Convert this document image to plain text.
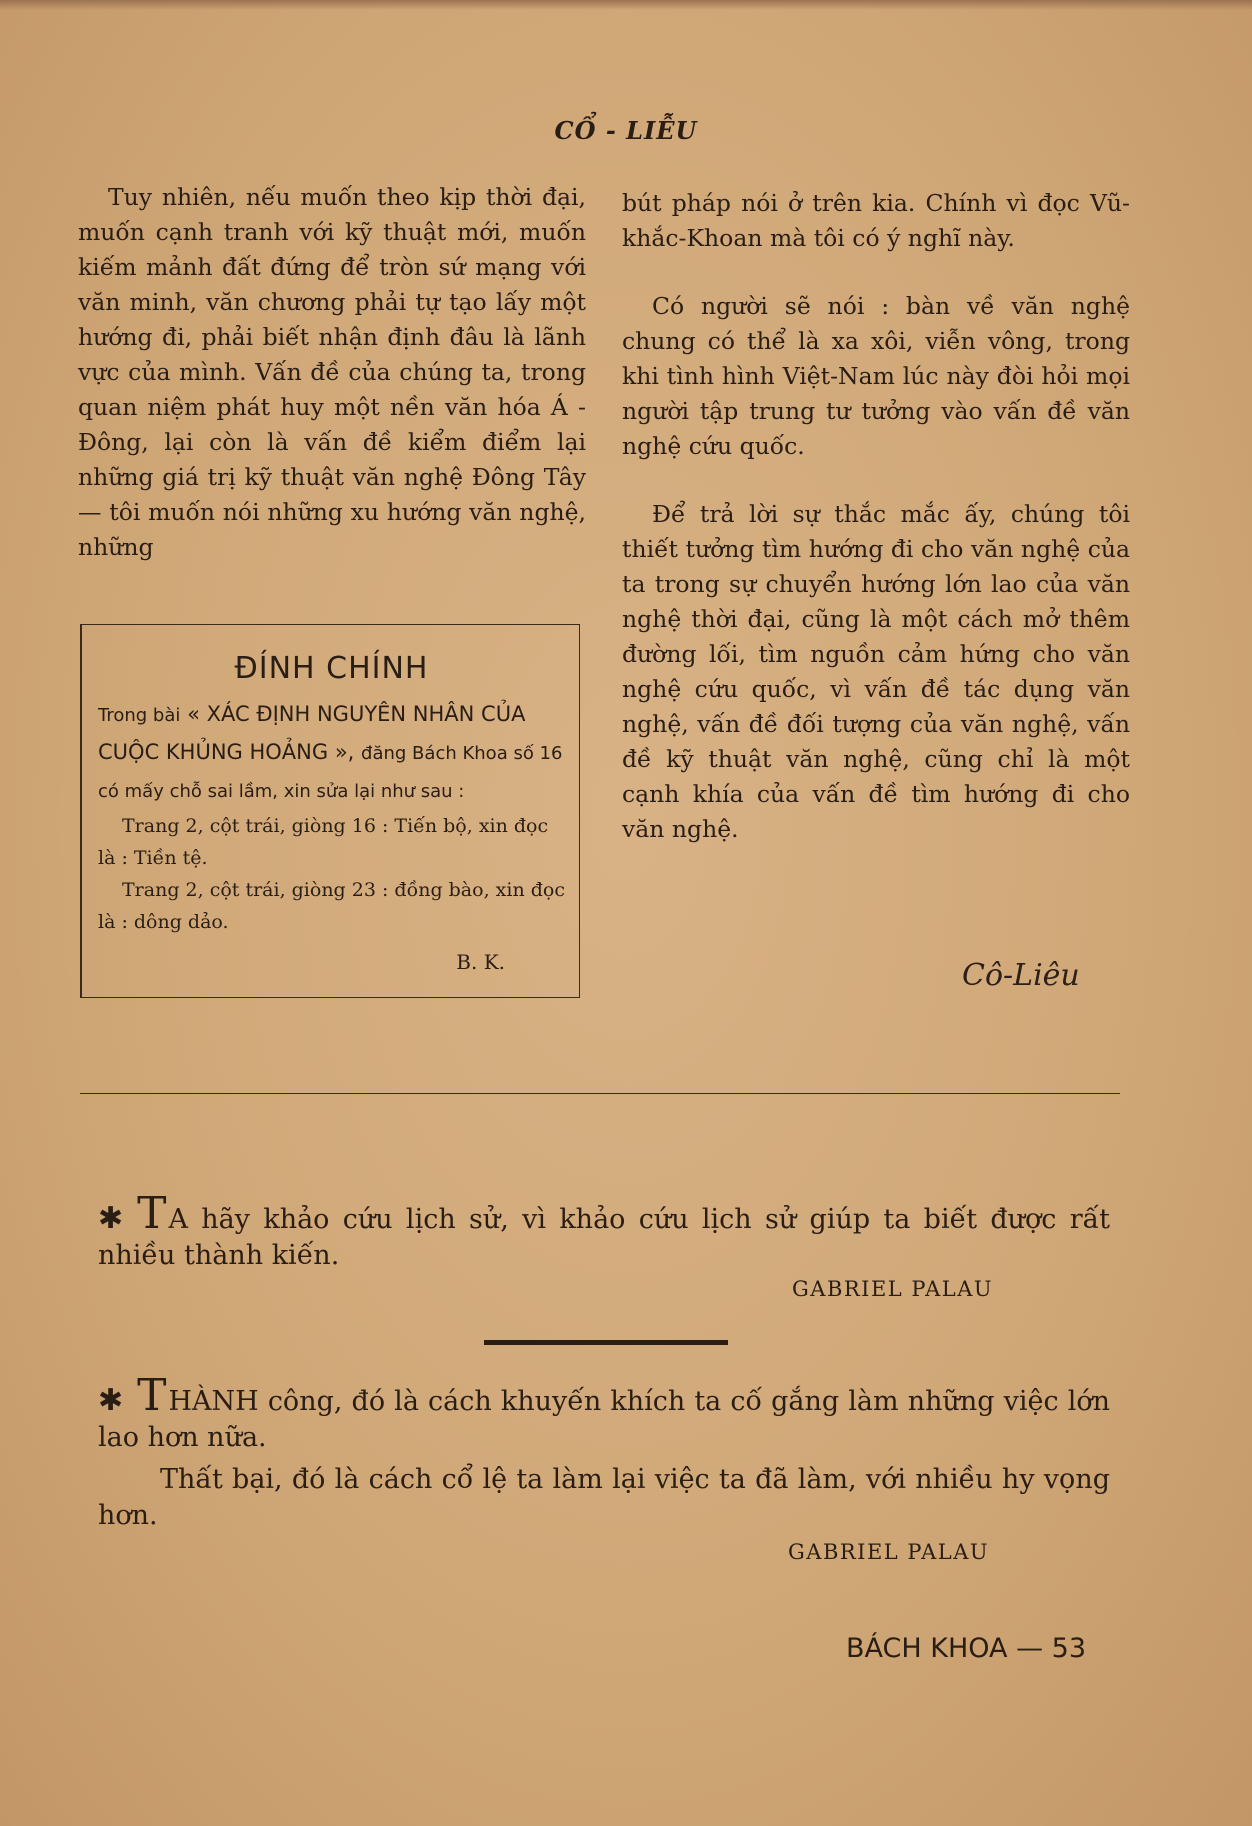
CỔ - LIỄU

Tuy nhiên, nếu muốn theo kịp thời đại, muốn cạnh tranh với kỹ thuật mới, muốn kiếm mảnh đất đứng để tròn sứ mạng với văn minh, văn chương phải tự tạo lấy một hướng đi, phải biết nhận định đâu là lãnh vực của mình. Vấn đề của chúng ta, trong quan niệm phát huy một nền văn hóa Á - Đông, lại còn là vấn đề kiểm điểm lại những giá trị kỹ thuật văn nghệ Đông Tây — tôi muốn nói những xu hướng văn nghệ, những

ĐÍNH CHÍNH

Trong bài « XÁC ĐỊNH NGUYÊN NHÂN CỦA CUỘC KHỦNG HOẢNG », đăng Bách Khoa số 16 có mấy chỗ sai lầm, xin sửa lại như sau :

Trang 2, cột trái, giòng 16 : Tiến bộ, xin đọc là : Tiền tệ.

Trang 2, cột trái, giòng 23 : đồng bào, xin đọc là : dông dảo.

B. K.

bút pháp nói ở trên kia. Chính vì đọc Vũ-khắc-Khoan mà tôi có ý nghĩ này.

Có người sẽ nói : bàn về văn nghệ chung có thể là xa xôi, viễn vông, trong khi tình hình Việt-Nam lúc này đòi hỏi mọi người tập trung tư tưởng vào vấn đề văn nghệ cứu quốc.

Để trả lời sự thắc mắc ấy, chúng tôi thiết tưởng tìm hướng đi cho văn nghệ của ta trong sự chuyển hướng lớn lao của văn nghệ thời đại, cũng là một cách mở thêm đường lối, tìm nguồn cảm hứng cho văn nghệ cứu quốc, vì vấn đề tác dụng văn nghệ, vấn đề đối tượng của văn nghệ, vấn đề kỹ thuật văn nghệ, cũng chỉ là một cạnh khía của vấn đề tìm hướng đi cho văn nghệ.

Cô-Liêu

✱ TA hãy khảo cứu lịch sử, vì khảo cứu lịch sử giúp ta biết được rất nhiều thành kiến.

GABRIEL PALAU

✱ THÀNH công, đó là cách khuyến khích ta cố gắng làm những việc lớn lao hơn nữa.

Thất bại, đó là cách cổ lệ ta làm lại việc ta đã làm, với nhiều hy vọng hơn.

GABRIEL PALAU
BÁCH KHOA — 53
